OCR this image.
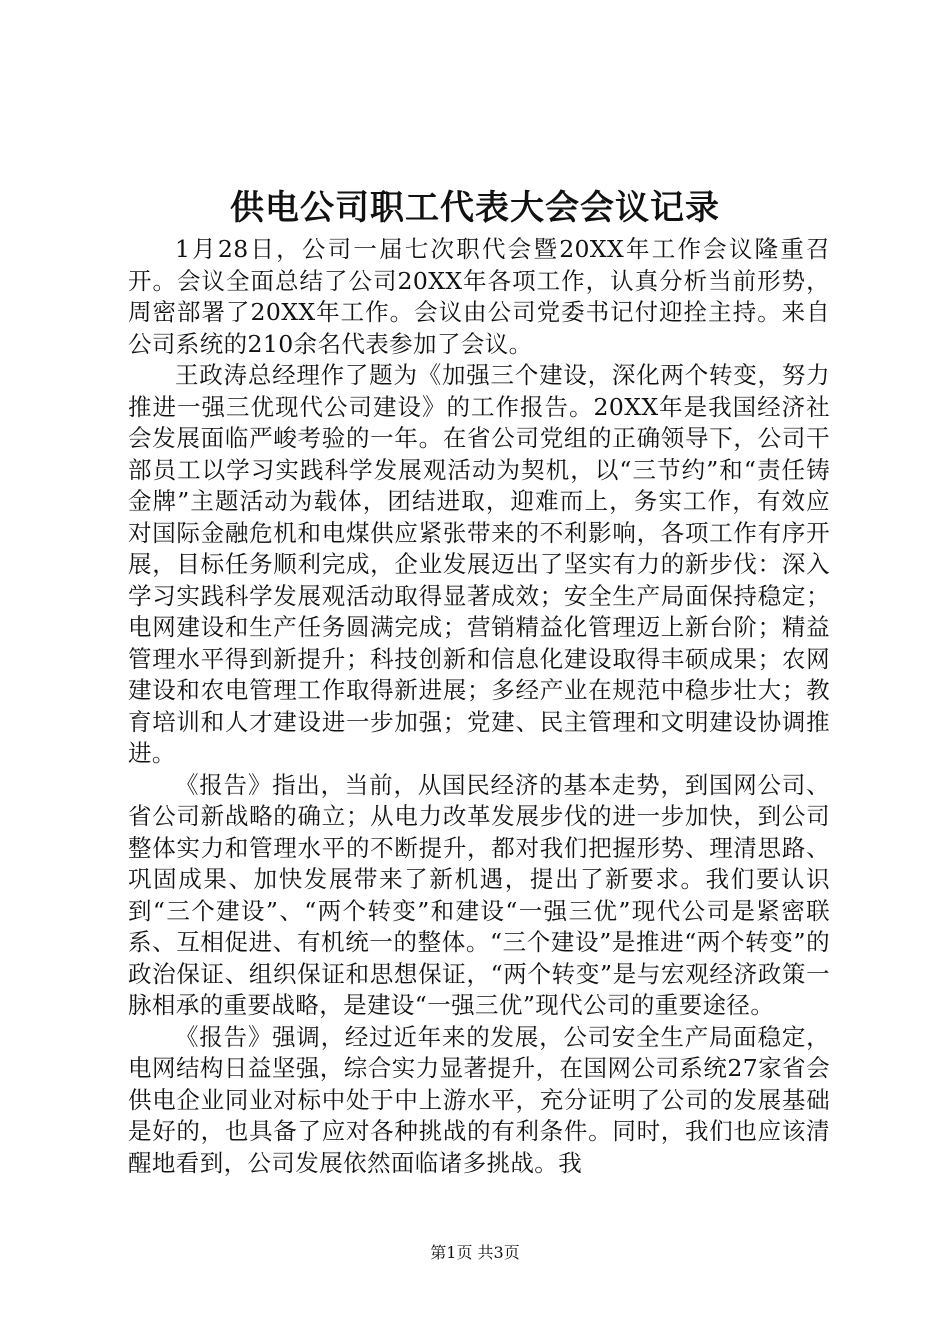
供电公司职工代表大会会议记录

1月28日，公司一届七次职代会暨20XX年工作会议隆重召开。会议全面总结了公司20XX年各项工作，认真分析当前形势，周密部署了20XX年工作。会议由公司党委书记付迎拴主持。来自公司系统的210余名代表参加了会议。

王政涛总经理作了题为《加强三个建设，深化两个转变，努力推进一强三优现代公司建设》的工作报告。20XX年是我国经济社会发展面临严峻考验的一年。在省公司党组的正确领导下，公司干部员工以学习实践科学发展观活动为契机，以“三节约”和“责任铸金牌”主题活动为载体，团结进取，迎难而上，务实工作，有效应对国际金融危机和电煤供应紧张带来的不利影响，各项工作有序开展，目标任务顺利完成，企业发展迈出了坚实有力的新步伐：深入学习实践科学发展观活动取得显著成效；安全生产局面保持稳定；电网建设和生产任务圆满完成；营销精益化管理迈上新台阶；精益管理水平得到新提升；科技创新和信息化建设取得丰硕成果；农网建设和农电管理工作取得新进展；多经产业在规范中稳步壮大；教育培训和人才建设进一步加强；党建、民主管理和文明建设协调推进。

《报告》指出，当前，从国民经济的基本走势，到国网公司、省公司新战略的确立；从电力改革发展步伐的进一步加快，到公司整体实力和管理水平的不断提升，都对我们把握形势、理清思路、巩固成果、加快发展带来了新机遇，提出了新要求。我们要认识到“三个建设”、“两个转变”和建设“一强三优”现代公司是紧密联系、互相促进、有机统一的整体。“三个建设”是推进“两个转变”的政治保证、组织保证和思想保证，“两个转变”是与宏观经济政策一脉相承的重要战略，是建设“一强三优”现代公司的重要途径。

《报告》强调，经过近年来的发展，公司安全生产局面稳定，电网结构日益坚强，综合实力显著提升，在国网公司系统27家省会供电企业同业对标中处于中上游水平，充分证明了公司的发展基础是好的，也具备了应对各种挑战的有利条件。同时，我们也应该清醒地看到，公司发展依然面临诸多挑战。我

第1页 共3页
